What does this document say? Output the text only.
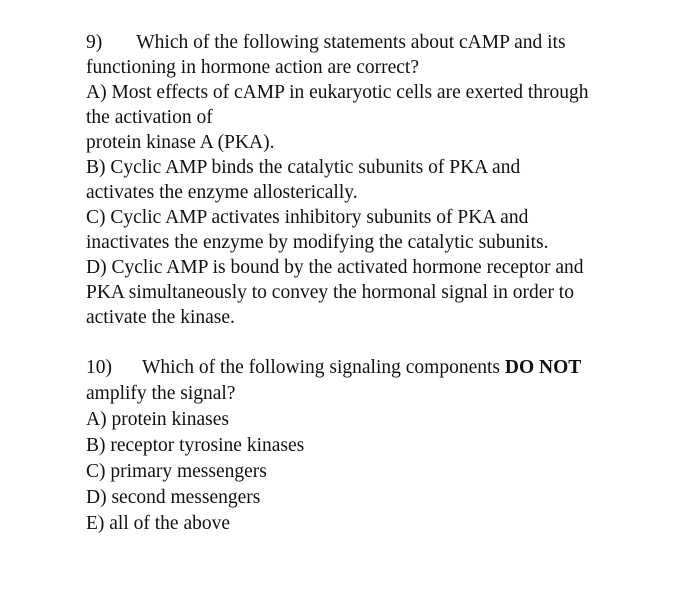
9) Which of the following statements about cAMP and its
functioning in hormone action are correct?
A) Most effects of cAMP in eukaryotic cells are exerted through
the activation of
protein kinase A (PKA).
B) Cyclic AMP binds the catalytic subunits of PKA and
activates the enzyme allosterically.
C) Cyclic AMP activates inhibitory subunits of PKA and
inactivates the enzyme by modifying the catalytic subunits.
D) Cyclic AMP is bound by the activated hormone receptor and
PKA simultaneously to convey the hormonal signal in order to
activate the kinase.
10) Which of the following signaling components DO NOT
amplify the signal?
A) protein kinases
B) receptor tyrosine kinases
C) primary messengers
D) second messengers
E) all of the above
